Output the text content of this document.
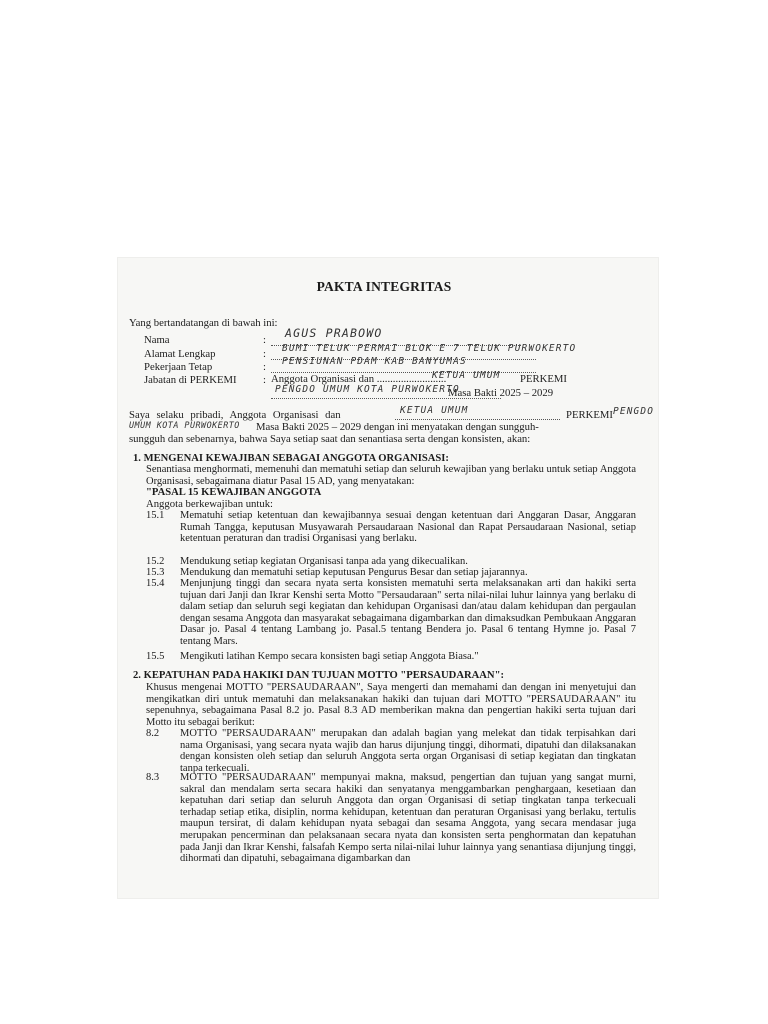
PAKTA INTEGRITAS
Yang bertandatangan di bawah ini:
Nama	: AGUS PRABOWO
Alamat Lengkap	: BUMI TELUK PERMAI BLOK E 7 TELUK PURWOKERTO
Pekerjaan Tetap	: PENSIUNAN PDAM KAB BANYUMAS
Jabatan di PERKEMI : Anggota Organisasi dan ..........................
KETUA UMUM PERKEMI
PENGDO UMUM KOTA PURWOKERTO
Masa Bakti 2025 – 2029
Saya selaku pribadi, Anggota Organisasi dan	KETUA UMUM	PERKEMI PENGDO
UMUM KOTA PURWOKERTO Masa Bakti 2025 – 2029 dengan ini menyatakan dengan sungguh-
sungguh dan sebenarnya, bahwa Saya setiap saat dan senantiasa serta dengan konsisten, akan:
1. MENGENAI KEWAJIBAN SEBAGAI ANGGOTA ORGANISASI:
Senantiasa menghormati, memenuhi dan mematuhi setiap dan seluruh kewajiban yang berlaku untuk setiap Anggota Organisasi, sebagaimana diatur Pasal 15 AD, yang menyatakan:
"PASAL 15 KEWAJIBAN ANGGOTA
Anggota berkewajiban untuk:
15.1 Mematuhi setiap ketentuan dan kewajibannya sesuai dengan ketentuan dari Anggaran Dasar, Anggaran Rumah Tangga, keputusan Musyawarah Persaudaraan Nasional dan Rapat Persaudaraan Nasional, setiap ketentuan peraturan dan tradisi Organisasi yang berlaku.
15.2 Mendukung setiap kegiatan Organisasi tanpa ada yang dikecualikan.
15.3 Mendukung dan mematuhi setiap keputusan Pengurus Besar dan setiap jajarannya.
15.4 Menjunjung tinggi dan secara nyata serta konsisten mematuhi serta melaksanakan arti dan hakiki serta tujuan dari Janji dan Ikrar Kenshi serta Motto "Persaudaraan" serta nilai-nilai luhur lainnya yang berlaku di dalam setiap dan seluruh segi kegiatan dan kehidupan Organisasi dan/atau dalam kehidupan dan pergaulan dengan sesama Anggota dan masyarakat sebagaimana digambarkan dan dimaksudkan Pembukaan Anggaran Dasar jo. Pasal 4 tentang Lambang jo. Pasal.5 tentang Bendera jo. Pasal 6 tentang Hymne jo. Pasal 7 tentang Mars.
15.5 Mengikuti latihan Kempo secara konsisten bagi setiap Anggota Biasa."
2. KEPATUHAN PADA HAKIKI DAN TUJUAN MOTTO "PERSAUDARAAN":
Khusus mengenai MOTTO "PERSAUDARAAN", Saya mengerti dan memahami dan dengan ini menyetujui dan mengikatkan diri untuk mematuhi dan melaksanakan hakiki dan tujuan dari MOTTO "PERSAUDARAAN" itu sepenuhnya, sebagaimana Pasal 8.2 jo. Pasal 8.3 AD memberikan makna dan pengertian hakiki serta tujuan dari Motto itu sebagai berikut:
8.2 MOTTO "PERSAUDARAAN" merupakan dan adalah bagian yang melekat dan tidak terpisahkan dari nama Organisasi, yang secara nyata wajib dan harus dijunjung tinggi, dihormati, dipatuhi dan dilaksanakan dengan konsisten oleh setiap dan seluruh Anggota serta organ Organisasi di setiap kegiatan dan tingkatan tanpa terkecuali.
8.3 MOTTO "PERSAUDARAAN" mempunyai makna, maksud, pengertian dan tujuan yang sangat murni, sakral dan mendalam serta secara hakiki dan senyatanya menggambarkan penghargaan, kesetiaan dan kepatuhan dari setiap dan seluruh Anggota dan organ Organisasi di setiap tingkatan tanpa terkecuali terhadap setiap etika, disiplin, norma kehidupan, ketentuan dan peraturan Organisasi yang berlaku, tertulis maupun tersirat, di dalam kehidupan nyata sebagai dan sesama Anggota, yang secara mendasar juga merupakan pencerminan dan pelaksanaan secara nyata dan konsisten serta penghormatan dan kepatuhan pada Janji dan Ikrar Kenshi, falsafah Kempo serta nilai-nilai luhur lainnya yang senantiasa dijunjung tinggi, dihormati dan dipatuhi, sebagaimana digambarkan dan
